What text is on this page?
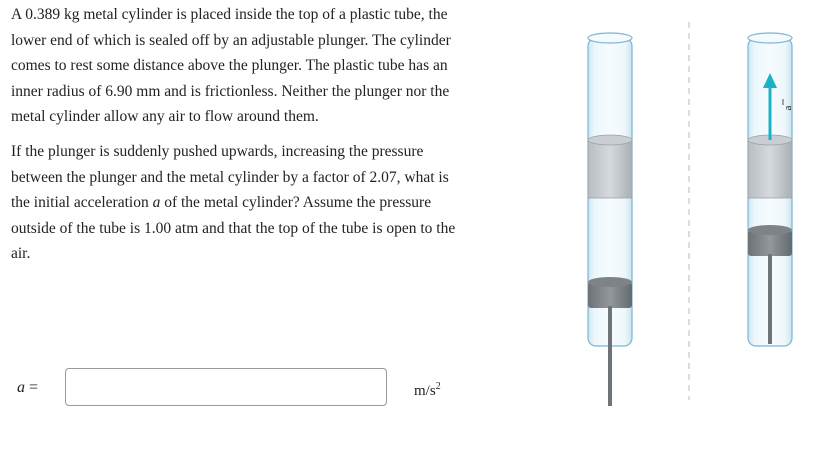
A 0.389 kg metal cylinder is placed inside the top of a plastic tube, the lower end of which is sealed off by an adjustable plunger. The cylinder comes to rest some distance above the plunger. The plastic tube has an inner radius of 6.90 mm and is frictionless. Neither the plunger nor the metal cylinder allow any air to flow around them.

If the plunger is suddenly pushed upwards, increasing the pressure between the plunger and the metal cylinder by a factor of 2.07, what is the initial acceleration a of the metal cylinder? Assume the pressure outside of the tube is 1.00 atm and that the top of the tube is open to the air.

a =	$m/s^2$
a
